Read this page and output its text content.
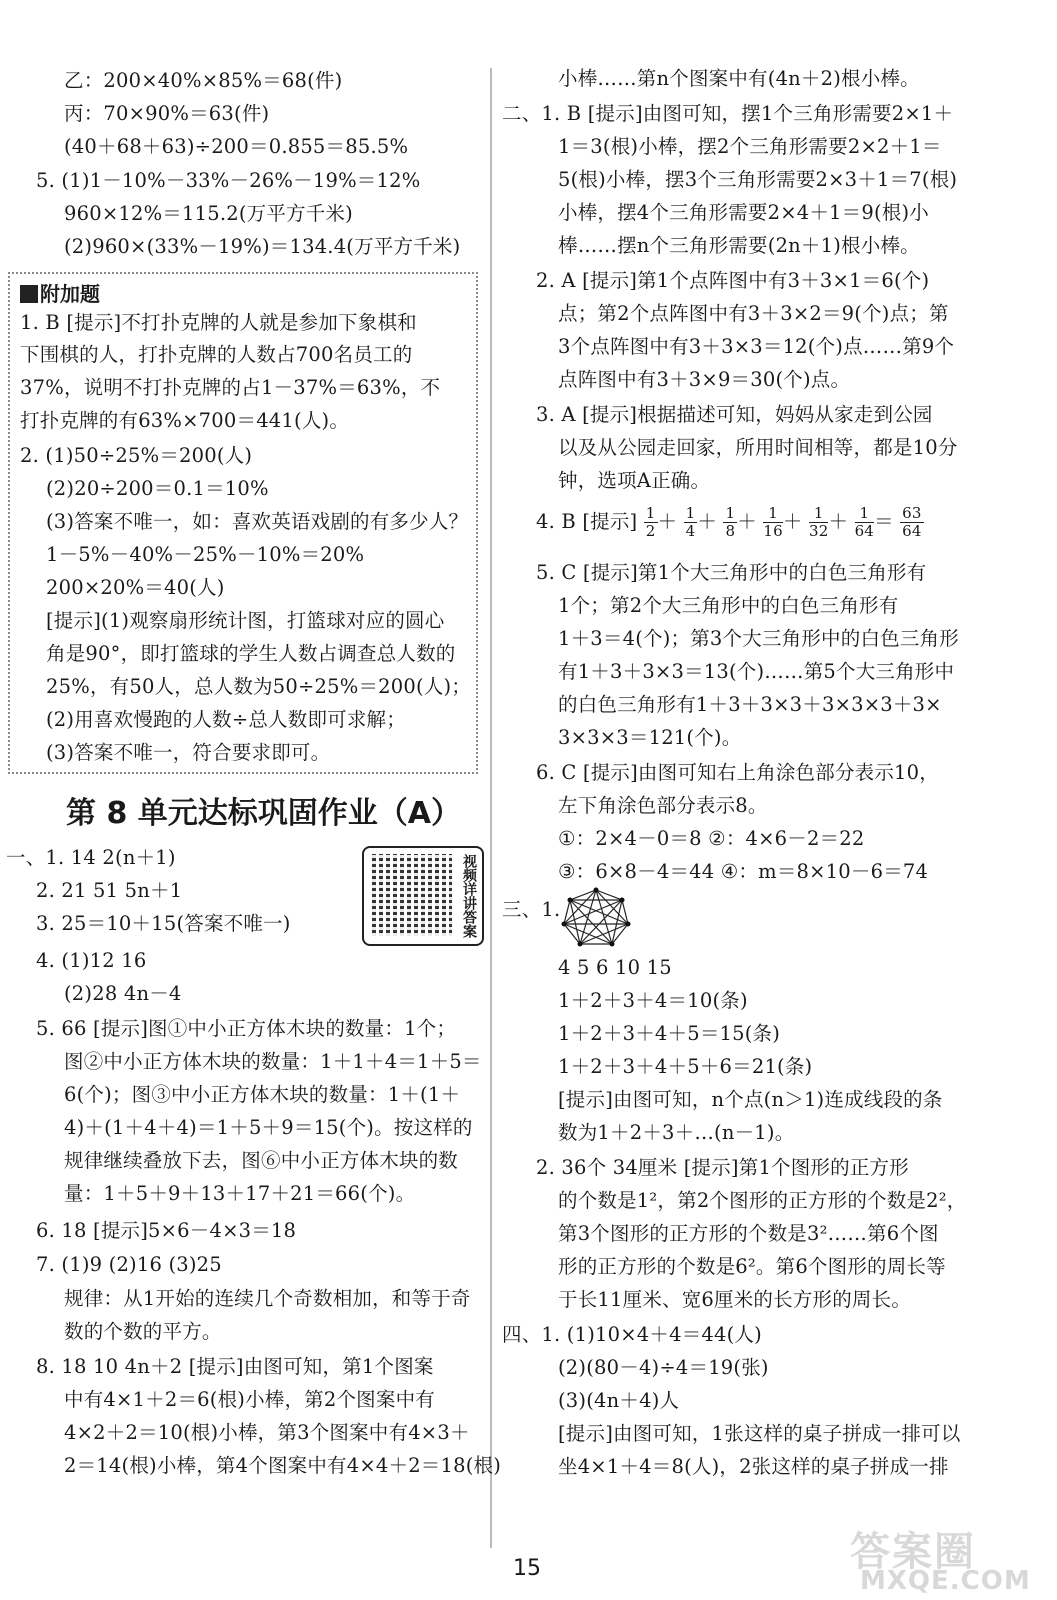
乙：200×40%×85%＝68(件)
丙：70×90%＝63(件)
(40＋68＋63)÷200＝0.855＝85.5%
5. (1)1－10%－33%－26%－19%＝12%
960×12%＝115.2(万平方千米)
(2)960×(33%－19%)＝134.4(万平方千米)
附加题
1. B [提示]不打扑克牌的人就是参加下象棋和
下围棋的人，打扑克牌的人数占700名员工的
37%，说明不打扑克牌的占1－37%＝63%，不
打扑克牌的有63%×700＝441(人)。
2. (1)50÷25%＝200(人)
(2)20÷200＝0.1＝10%
(3)答案不唯一，如：喜欢英语戏剧的有多少人？
1－5%－40%－25%－10%＝20%
200×20%＝40(人)
[提示](1)观察扇形统计图，打篮球对应的圆心
角是90°，即打篮球的学生人数占调查总人数的
25%，有50人，总人数为50÷25%＝200(人)；
(2)用喜欢慢跑的人数÷总人数即可求解；
(3)答案不唯一，符合要求即可。
第 8 单元达标巩固作业（A）
视频详讲答案
一、1. 14 2(n＋1)
2. 21 51 5n＋1
3. 25＝10＋15(答案不唯一)
4. (1)12 16
(2)28 4n－4
5. 66 [提示]图①中小正方体木块的数量：1个；
图②中小正方体木块的数量：1＋1＋4＝1＋5＝
6(个)；图③中小正方体木块的数量：1＋(1＋
4)＋(1＋4＋4)＝1＋5＋9＝15(个)。按这样的
规律继续叠放下去，图⑥中小正方体木块的数
量：1＋5＋9＋13＋17＋21＝66(个)。
6. 18 [提示]5×6－4×3＝18
7. (1)9 (2)16 (3)25
规律：从1开始的连续几个奇数相加，和等于奇
数的个数的平方。
8. 18 10 4n＋2 [提示]由图可知，第1个图案
中有4×1＋2＝6(根)小棒，第2个图案中有
4×2＋2＝10(根)小棒，第3个图案中有4×3＋
2＝14(根)小棒，第4个图案中有4×4＋2＝18(根)
小棒……第n个图案中有(4n＋2)根小棒。
二、1. B [提示]由图可知，摆1个三角形需要2×1＋
1＝3(根)小棒，摆2个三角形需要2×2＋1＝
5(根)小棒，摆3个三角形需要2×3＋1＝7(根)
小棒，摆4个三角形需要2×4＋1＝9(根)小
棒……摆n个三角形需要(2n＋1)根小棒。
2. A [提示]第1个点阵图中有3＋3×1＝6(个)
点；第2个点阵图中有3＋3×2＝9(个)点；第
3个点阵图中有3＋3×3＝12(个)点……第9个
点阵图中有3＋3×9＝30(个)点。
3. A [提示]根据描述可知，妈妈从家走到公园
以及从公园走回家，所用时间相等，都是10分
钟，选项A正确。
4. B [提示] $\frac{1}{2} + \frac{1}{4} + \frac{1}{8} + \frac{1}{16} + \frac{1}{32} + \frac{1}{64} = \frac{63}{64}$
5. C [提示]第1个大三角形中的白色三角形有
1个；第2个大三角形中的白色三角形有
1＋3＝4(个)；第3个大三角形中的白色三角形
有1＋3＋3×3＝13(个)……第5个大三角形中
的白色三角形有1＋3＋3×3＋3×3×3＋3×
3×3×3＝121(个)。
6. C [提示]由图可知右上角涂色部分表示10，
左下角涂色部分表示8。
①：2×4－0＝8 ②：4×6－2＝22
③：6×8－4＝44 ④：m＝8×10－6＝74
三、1.
4 5 6 10 15
1＋2＋3＋4＝10(条)
1＋2＋3＋4＋5＝15(条)
1＋2＋3＋4＋5＋6＝21(条)
[提示]由图可知，n个点(n＞1)连成线段的条
数为1＋2＋3＋…(n－1)。
2. 36个 34厘米 [提示]第1个图形的正方形
的个数是1²，第2个图形的正方形的个数是2²，
第3个图形的正方形的个数是3²……第6个图
形的正方形的个数是6²。第6个图形的周长等
于长11厘米、宽6厘米的长方形的周长。
四、1. (1)10×4＋4＝44(人)
(2)(80－4)÷4＝19(张)
(3)(4n＋4)人
[提示]由图可知，1张这样的桌子拼成一排可以
坐4×1＋4＝8(人)，2张这样的桌子拼成一排
15	答案圈
MXQE.COM
